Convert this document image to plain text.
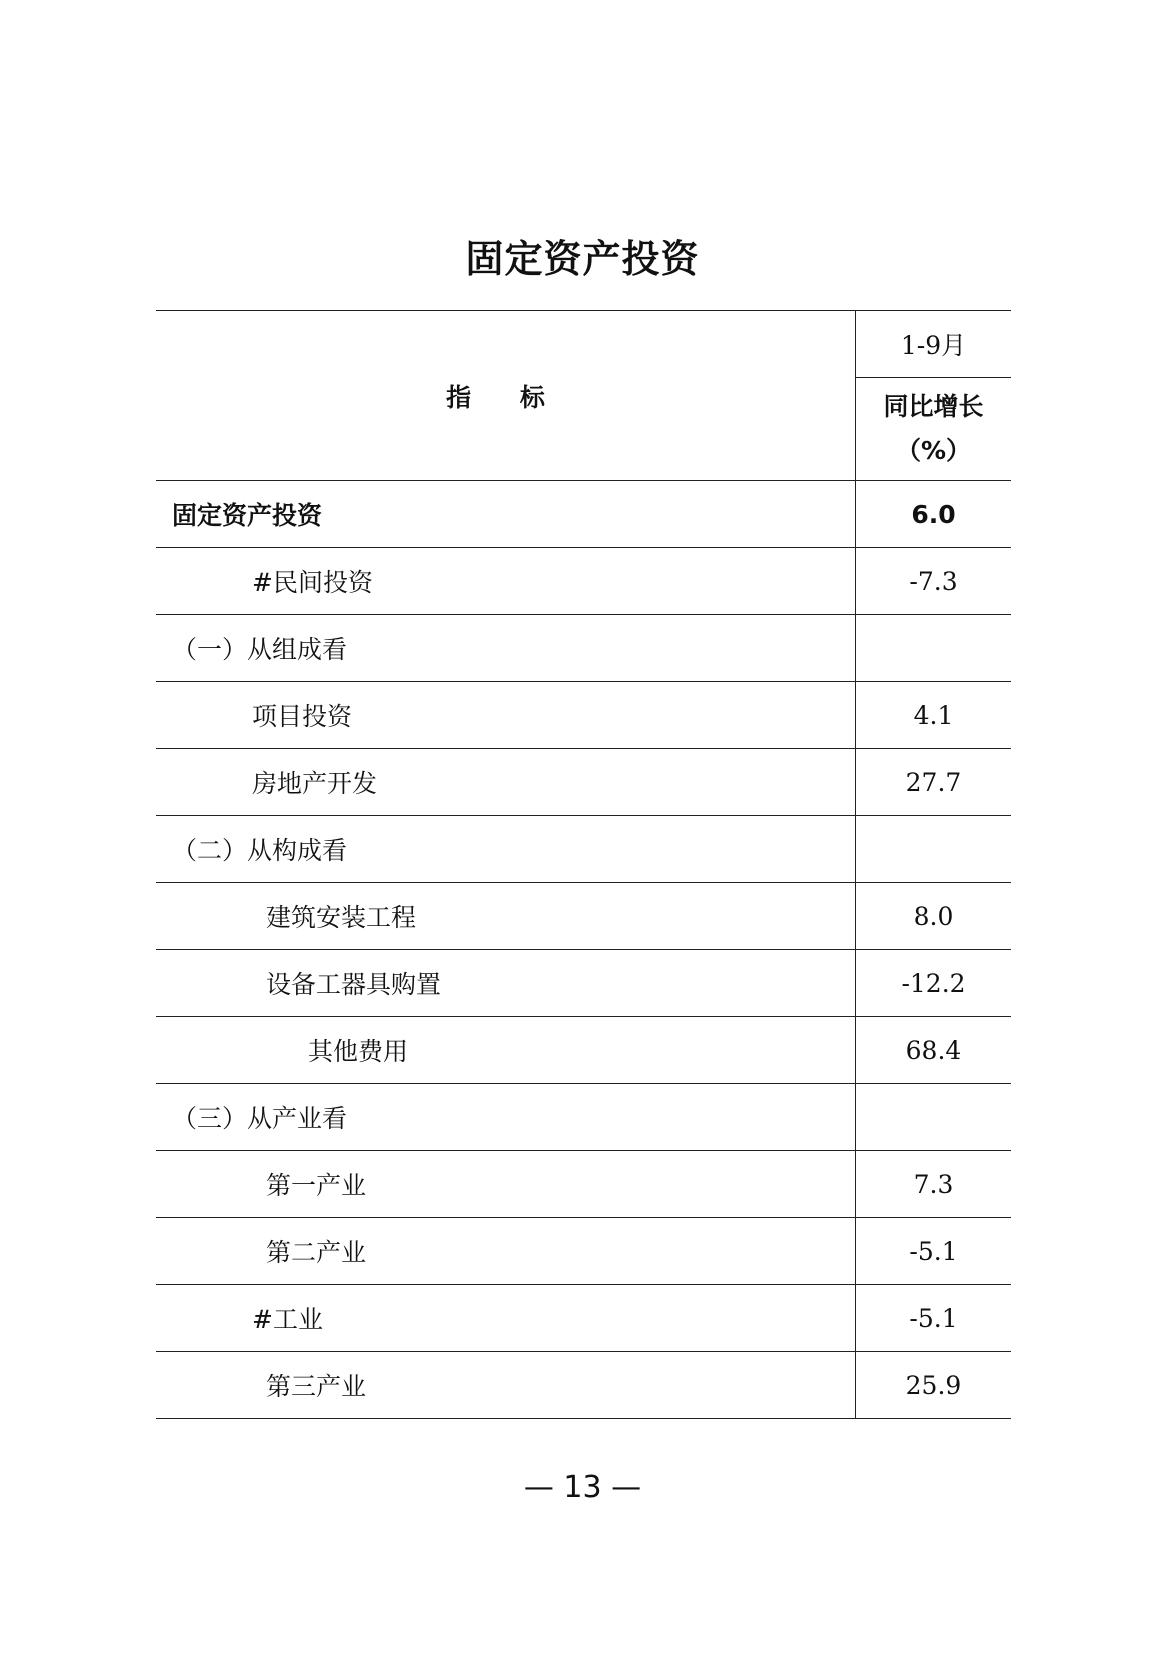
固定资产投资
指 标	1-9月

	同比增长
（%）

固定资产投资	6.0
#民间投资	-7.3
（一）从组成看	
项目投资	4.1
房地产开发	27.7
（二）从构成看	
建筑安装工程	8.0
设备工器具购置	-12.2
其他费用	68.4
（三）从产业看	
第一产业	7.3
第二产业	-5.1
#工业	-5.1
第三产业	25.9
— 13 —
